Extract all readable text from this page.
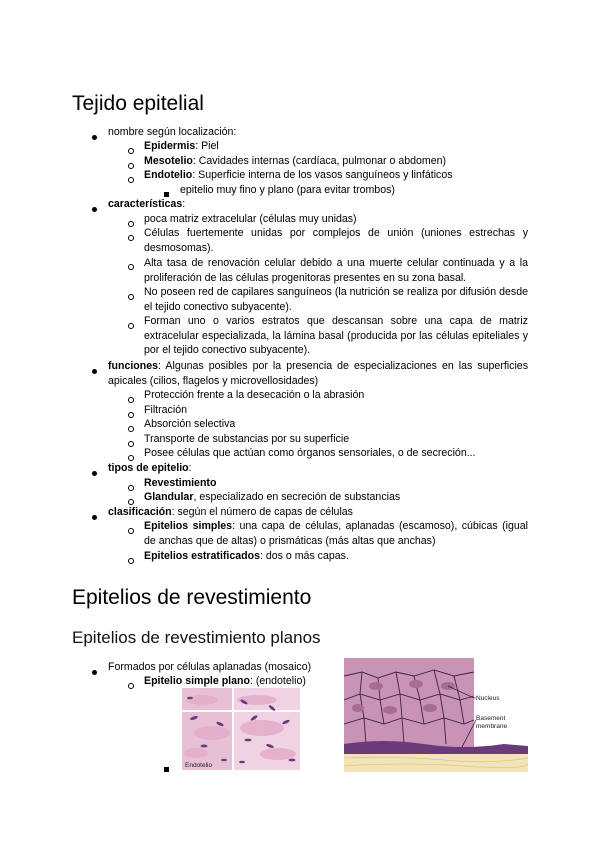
Tejido epitelial
nombre según localización:
Epidermis: Piel
Mesotelio: Cavidades internas (cardíaca, pulmonar o abdomen)
Endotelio: Superficie interna de los vasos sanguíneos y linfáticos
epitelio muy fino y plano (para evitar trombos)
características:
poca matriz extracelular (células muy unidas)
Células fuertemente unidas por complejos de unión (uniones estrechas y desmosomas).
Alta tasa de renovación celular debido a una muerte celular continuada y a la proliferación de las células progenitoras presentes en su zona basal.
No poseen red de capilares sanguíneos (la nutrición se realiza por difusión desde el tejido conectivo subyacente).
Forman uno o varios estratos que descansan sobre una capa de matriz extracelular especializada, la lámina basal (producida por las células epiteliales y por el tejido conectivo subyacente).
funciones: Algunas posibles por la presencia de especializaciones en las superficies apicales (cilios, flagelos y microvellosidades)
Protección frente a la desecación o la abrasión
Filtración
Absorción selectiva
Transporte de substancias por su superficie
Posee células que actúan como órganos sensoriales, o de secreción...
tipos de epitelio:
Revestimiento
Glandular, especializado en secreción de substancias
clasificación: según el número de capas de células
Epitelios simples: una capa de células, aplanadas (escamoso), cúbicas (igual de anchas que de altas) o prismáticas (más altas que anchas)
Epitelios estratificados: dos o más capas.
Epitelios de revestimiento
Epitelios de revestimiento planos
Formados por células aplanadas (mosaico)
Epitelio simple plano: (endotelio)
Endotelio
Nucleus
Basement
membrane
